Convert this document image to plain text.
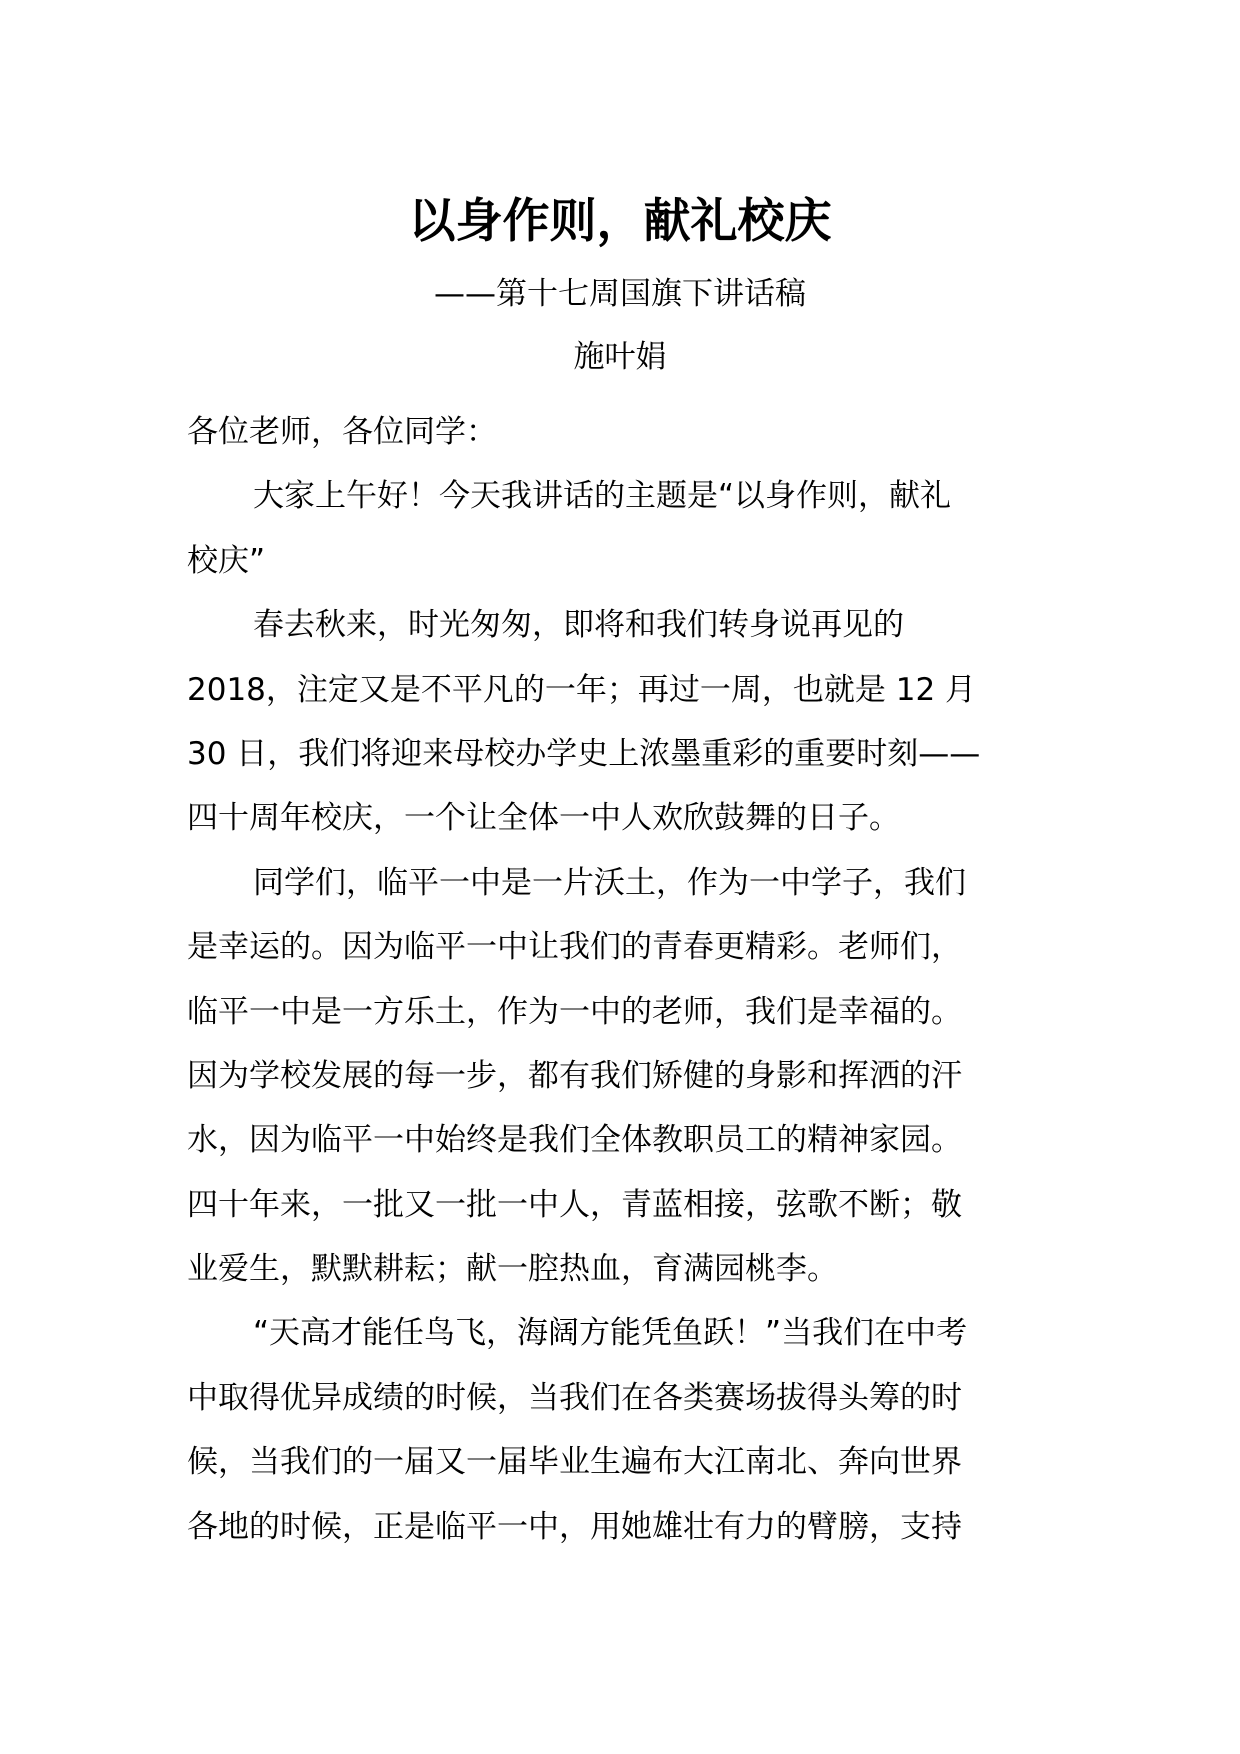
以身作则，献礼校庆
——第十七周国旗下讲话稿
施叶娟
各位老师，各位同学：
大家上午好！今天我讲话的主题是“以身作则，献礼
校庆”
春去秋来，时光匆匆，即将和我们转身说再见的
2018，注定又是不平凡的一年；再过一周，也就是 12 月
30 日，我们将迎来母校办学史上浓墨重彩的重要时刻——
四十周年校庆，一个让全体一中人欢欣鼓舞的日子。
同学们，临平一中是一片沃土，作为一中学子，我们
是幸运的。因为临平一中让我们的青春更精彩。老师们，
临平一中是一方乐土，作为一中的老师，我们是幸福的。
因为学校发展的每一步，都有我们矫健的身影和挥洒的汗
水，因为临平一中始终是我们全体教职员工的精神家园。
四十年来，一批又一批一中人，青蓝相接，弦歌不断；敬
业爱生，默默耕耘；献一腔热血，育满园桃李。
“天高才能任鸟飞，海阔方能凭鱼跃！”当我们在中考
中取得优异成绩的时候，当我们在各类赛场拔得头筹的时
候，当我们的一届又一届毕业生遍布大江南北、奔向世界
各地的时候，正是临平一中，用她雄壮有力的臂膀，支持
